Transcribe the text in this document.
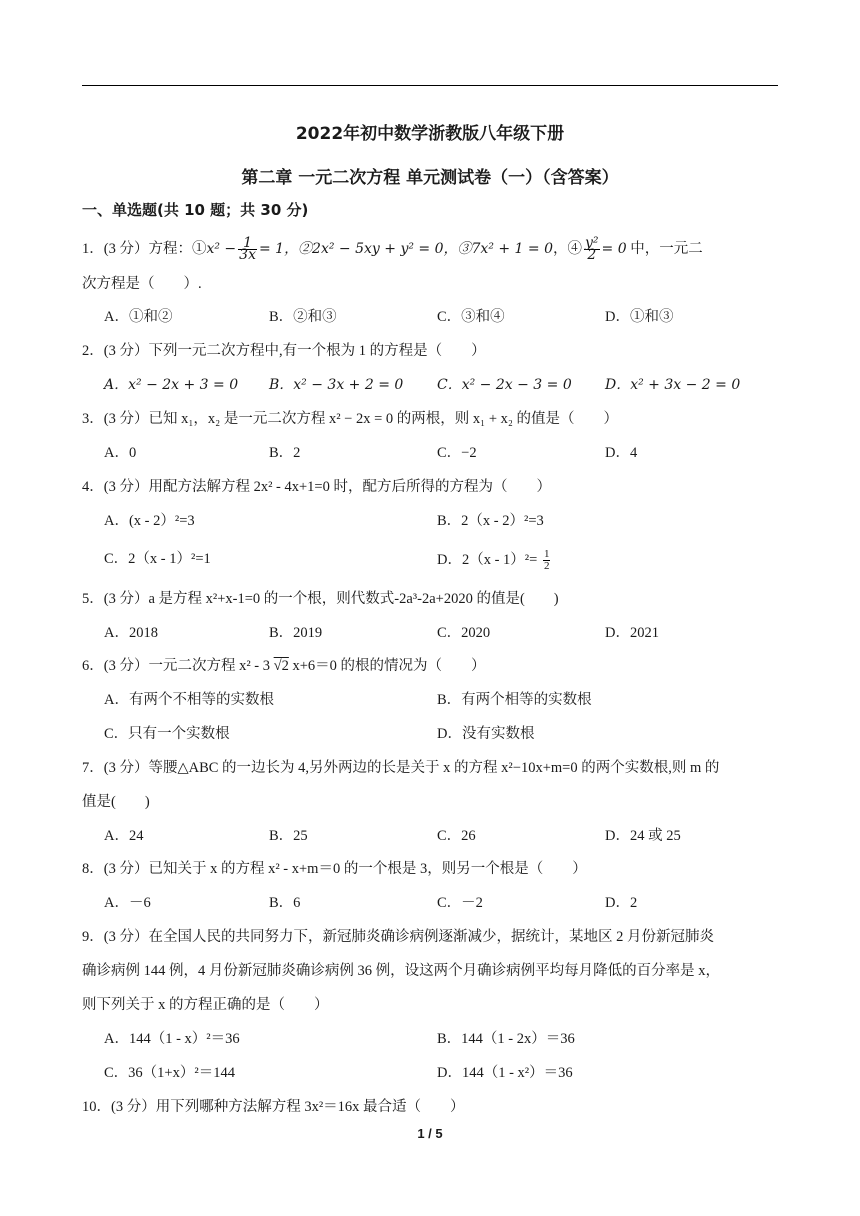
2022年初中数学浙教版八年级下册
第二章 一元二次方程 单元测试卷（一）（含答案）
一、单选题(共 10 题；共 30 分)
1．(3 分）方程：①x² − $\frac{1}{3x} = 1$，②2x² − 5xy + y² = 0，③7x² + 1 = 0，④ $\frac{\text{y²}}{2} = 0$ 中，一元二
次方程是（　　）.
A．①和②	B．②和③	C．③和④	D．①和③
2．(3 分）下列一元二次方程中,有一个根为 1 的方程是（　　）
A．x² − 2x + 3 = 0 B．x² − 3x + 2 = 0 C．x² − 2x − 3 = 0 D．x² + 3x − 2 = 0
3．(3 分）已知 x₁，x₂ 是一元二次方程 x² − 2x = 0 的两根，则 x₁ + x₂ 的值是（　　）
A．0	B．2	C．−2	D．4
4．(3 分）用配方法解方程 2x² - 4x+1=0 时，配方后所得的方程为（　　）
A．(x - 2）²=3	B．2（x - 2）²=3
C．2（x - 1）²=1	D．$2(x - 1)^2= \frac{1}{2}$
5．(3 分）a 是方程 x²+x-1=0 的一个根，则代数式-2a³-2a+2020 的值是(　　)
A．2018	B．2019	C．2020	D．2021
6．(3 分）一元二次方程 x² - 3 √2 x+6＝0 的根的情况为（　　）
A．有两个不相等的实数根	B．有两个相等的实数根
C．只有一个实数根	D．没有实数根
7．(3 分）等腰△ABC 的一边长为 4,另外两边的长是关于 x 的方程 x²−10x+m=0 的两个实数根,则 m 的
值是(　　)
A．24	B．25	C．26	D．24 或 25
8．(3 分）已知关于 x 的方程 x² - x+m＝0 的一个根是 3，则另一个根是（　　）
A．－6	B．6	C．－2	D．2
9．(3 分）在全国人民的共同努力下，新冠肺炎确诊病例逐渐减少，据统计，某地区 2 月份新冠肺炎
确诊病例 144 例，4 月份新冠肺炎确诊病例 36 例，设这两个月确诊病例平均每月降低的百分率是 x，
则下列关于 x 的方程正确的是（　　）
A．144（1 - x）²＝36	B．144（1 - 2x）＝36
C．36（1+x）²＝144	D．144（1 - x²）＝36
10．(3 分）用下列哪种方法解方程 3x²＝16x 最合适（　　）
1 / 5
